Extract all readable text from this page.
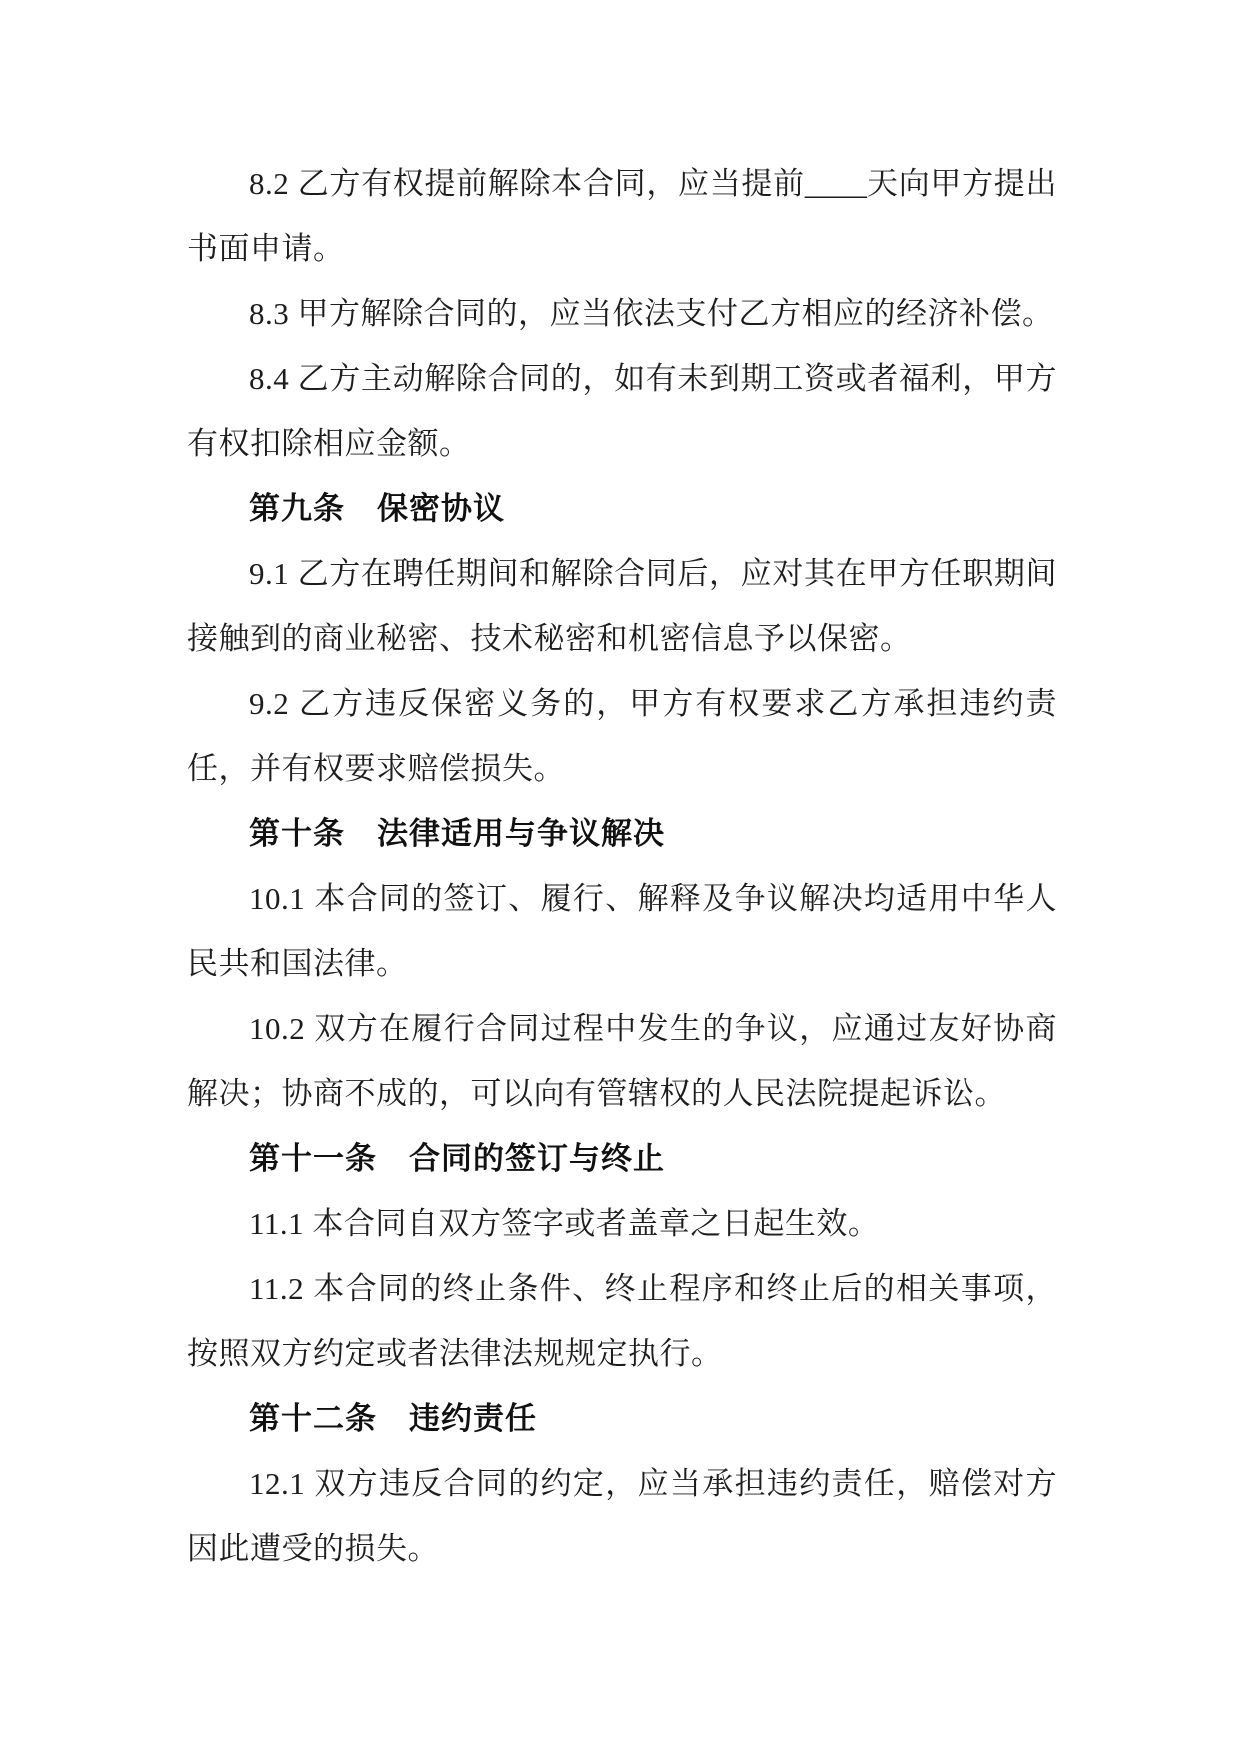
8.2 乙方有权提前解除本合同，应当提前____天向甲方提出书面申请。

8.3 甲方解除合同的，应当依法支付乙方相应的经济补偿。

8.4 乙方主动解除合同的，如有未到期工资或者福利，甲方有权扣除相应金额。

第九条　保密协议

9.1 乙方在聘任期间和解除合同后，应对其在甲方任职期间接触到的商业秘密、技术秘密和机密信息予以保密。

9.2 乙方违反保密义务的，甲方有权要求乙方承担违约责任，并有权要求赔偿损失。

第十条　法律适用与争议解决

10.1 本合同的签订、履行、解释及争议解决均适用中华人民共和国法律。

10.2 双方在履行合同过程中发生的争议，应通过友好协商解决；协商不成的，可以向有管辖权的人民法院提起诉讼。

第十一条　合同的签订与终止

11.1 本合同自双方签字或者盖章之日起生效。

11.2 本合同的终止条件、终止程序和终止后的相关事项，按照双方约定或者法律法规规定执行。

第十二条　违约责任

12.1 双方违反合同的约定，应当承担违约责任，赔偿对方因此遭受的损失。
